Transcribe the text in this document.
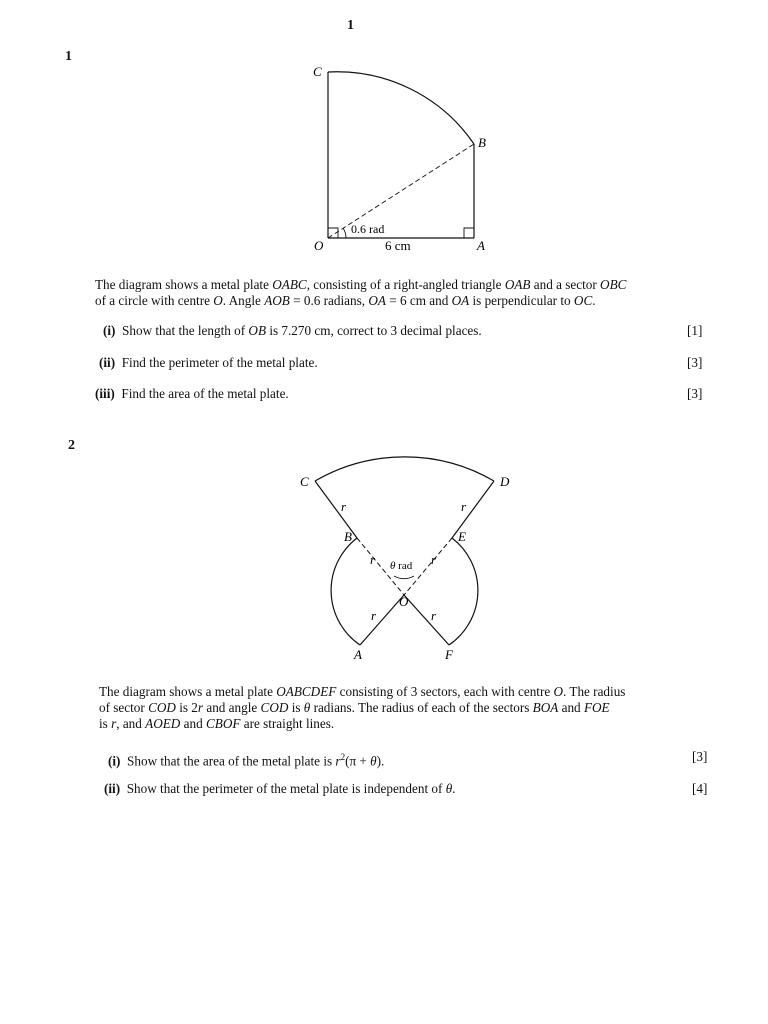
1
1
C
B
O	A
0.6 rad
6 cm
The diagram shows a metal plate OABC, consisting of a right-angled triangle OAB and a sector OBC
of a circle with centre O. Angle AOB = 0.6 radians, OA = 6 cm and OA is perpendicular to OC.
(i) Show that the length of OB is 7.270 cm, correct to 3 decimal places.	[1]
(ii) Find the perimeter of the metal plate.	[3]
(iii) Find the area of the metal plate.	[3]
2
C	D
B	E
O
A	F
r	r
r	r
r	r
θ rad
The diagram shows a metal plate OABCDEF consisting of 3 sectors, each with centre O. The radius
of sector COD is 2r and angle COD is θ radians. The radius of each of the sectors BOA and FOE
is r, and AOED and CBOF are straight lines.
(i) Show that the area of the metal plate is $r^2(\pi + \theta)$.	[3]
(ii) Show that the perimeter of the metal plate is independent of θ.	[4]
